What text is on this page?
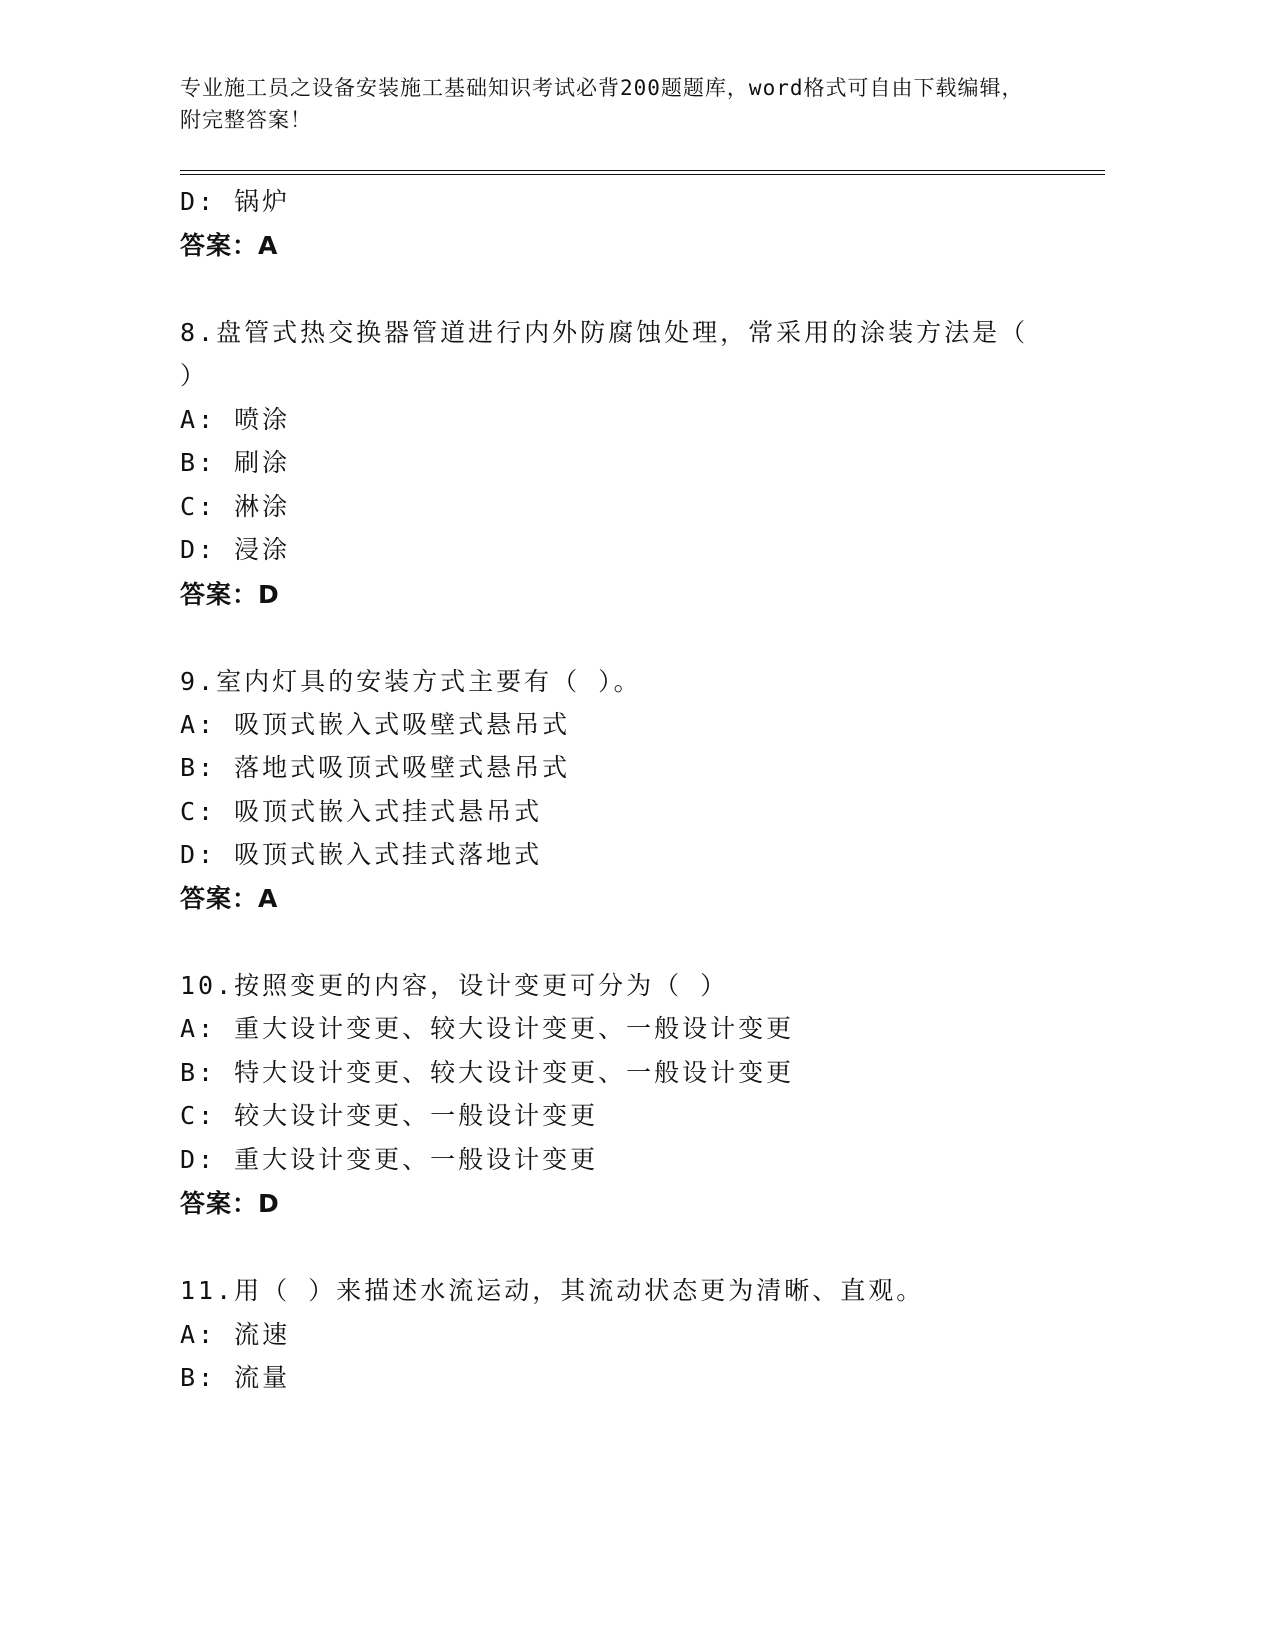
专业施工员之设备安装施工基础知识考试必背200题题库，word格式可自由下载编辑，附完整答案！
D: 锅炉
答案：A
8.盘管式热交换器管道进行内外防腐蚀处理，常采用的涂装方法是（
）
A: 喷涂
B: 刷涂
C: 淋涂
D: 浸涂
答案：D
9.室内灯具的安装方式主要有（ ）。
A: 吸顶式嵌入式吸壁式悬吊式
B: 落地式吸顶式吸壁式悬吊式
C: 吸顶式嵌入式挂式悬吊式
D: 吸顶式嵌入式挂式落地式
答案：A
10.按照变更的内容，设计变更可分为（ ）
A: 重大设计变更、较大设计变更、一般设计变更
B: 特大设计变更、较大设计变更、一般设计变更
C: 较大设计变更、一般设计变更
D: 重大设计变更、一般设计变更
答案：D
11.用（ ）来描述水流运动，其流动状态更为清晰、直观。
A: 流速
B: 流量
